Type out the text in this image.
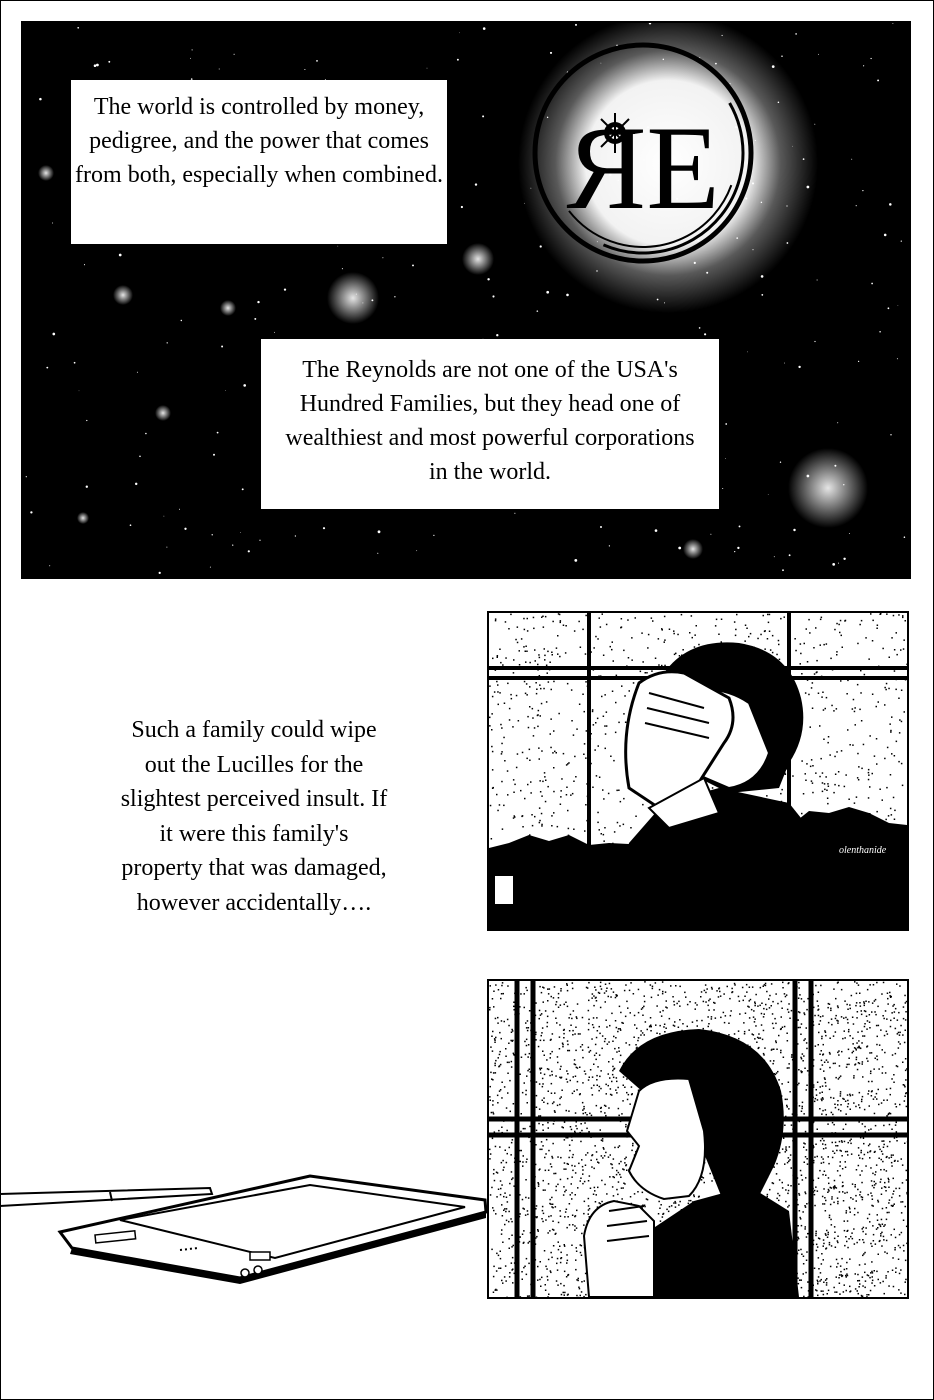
ЯE
The world is controlled by money, pedigree, and the power that comes from both, especially when combined.
The Reynolds are not one of the USA's Hundred Families, but they head one of wealthiest and most powerful corporations in the world.
Such a family could wipe out the Lucilles for the slightest perceived insult. If it were this family's property that was damaged, however accidentally….
olenthanide
